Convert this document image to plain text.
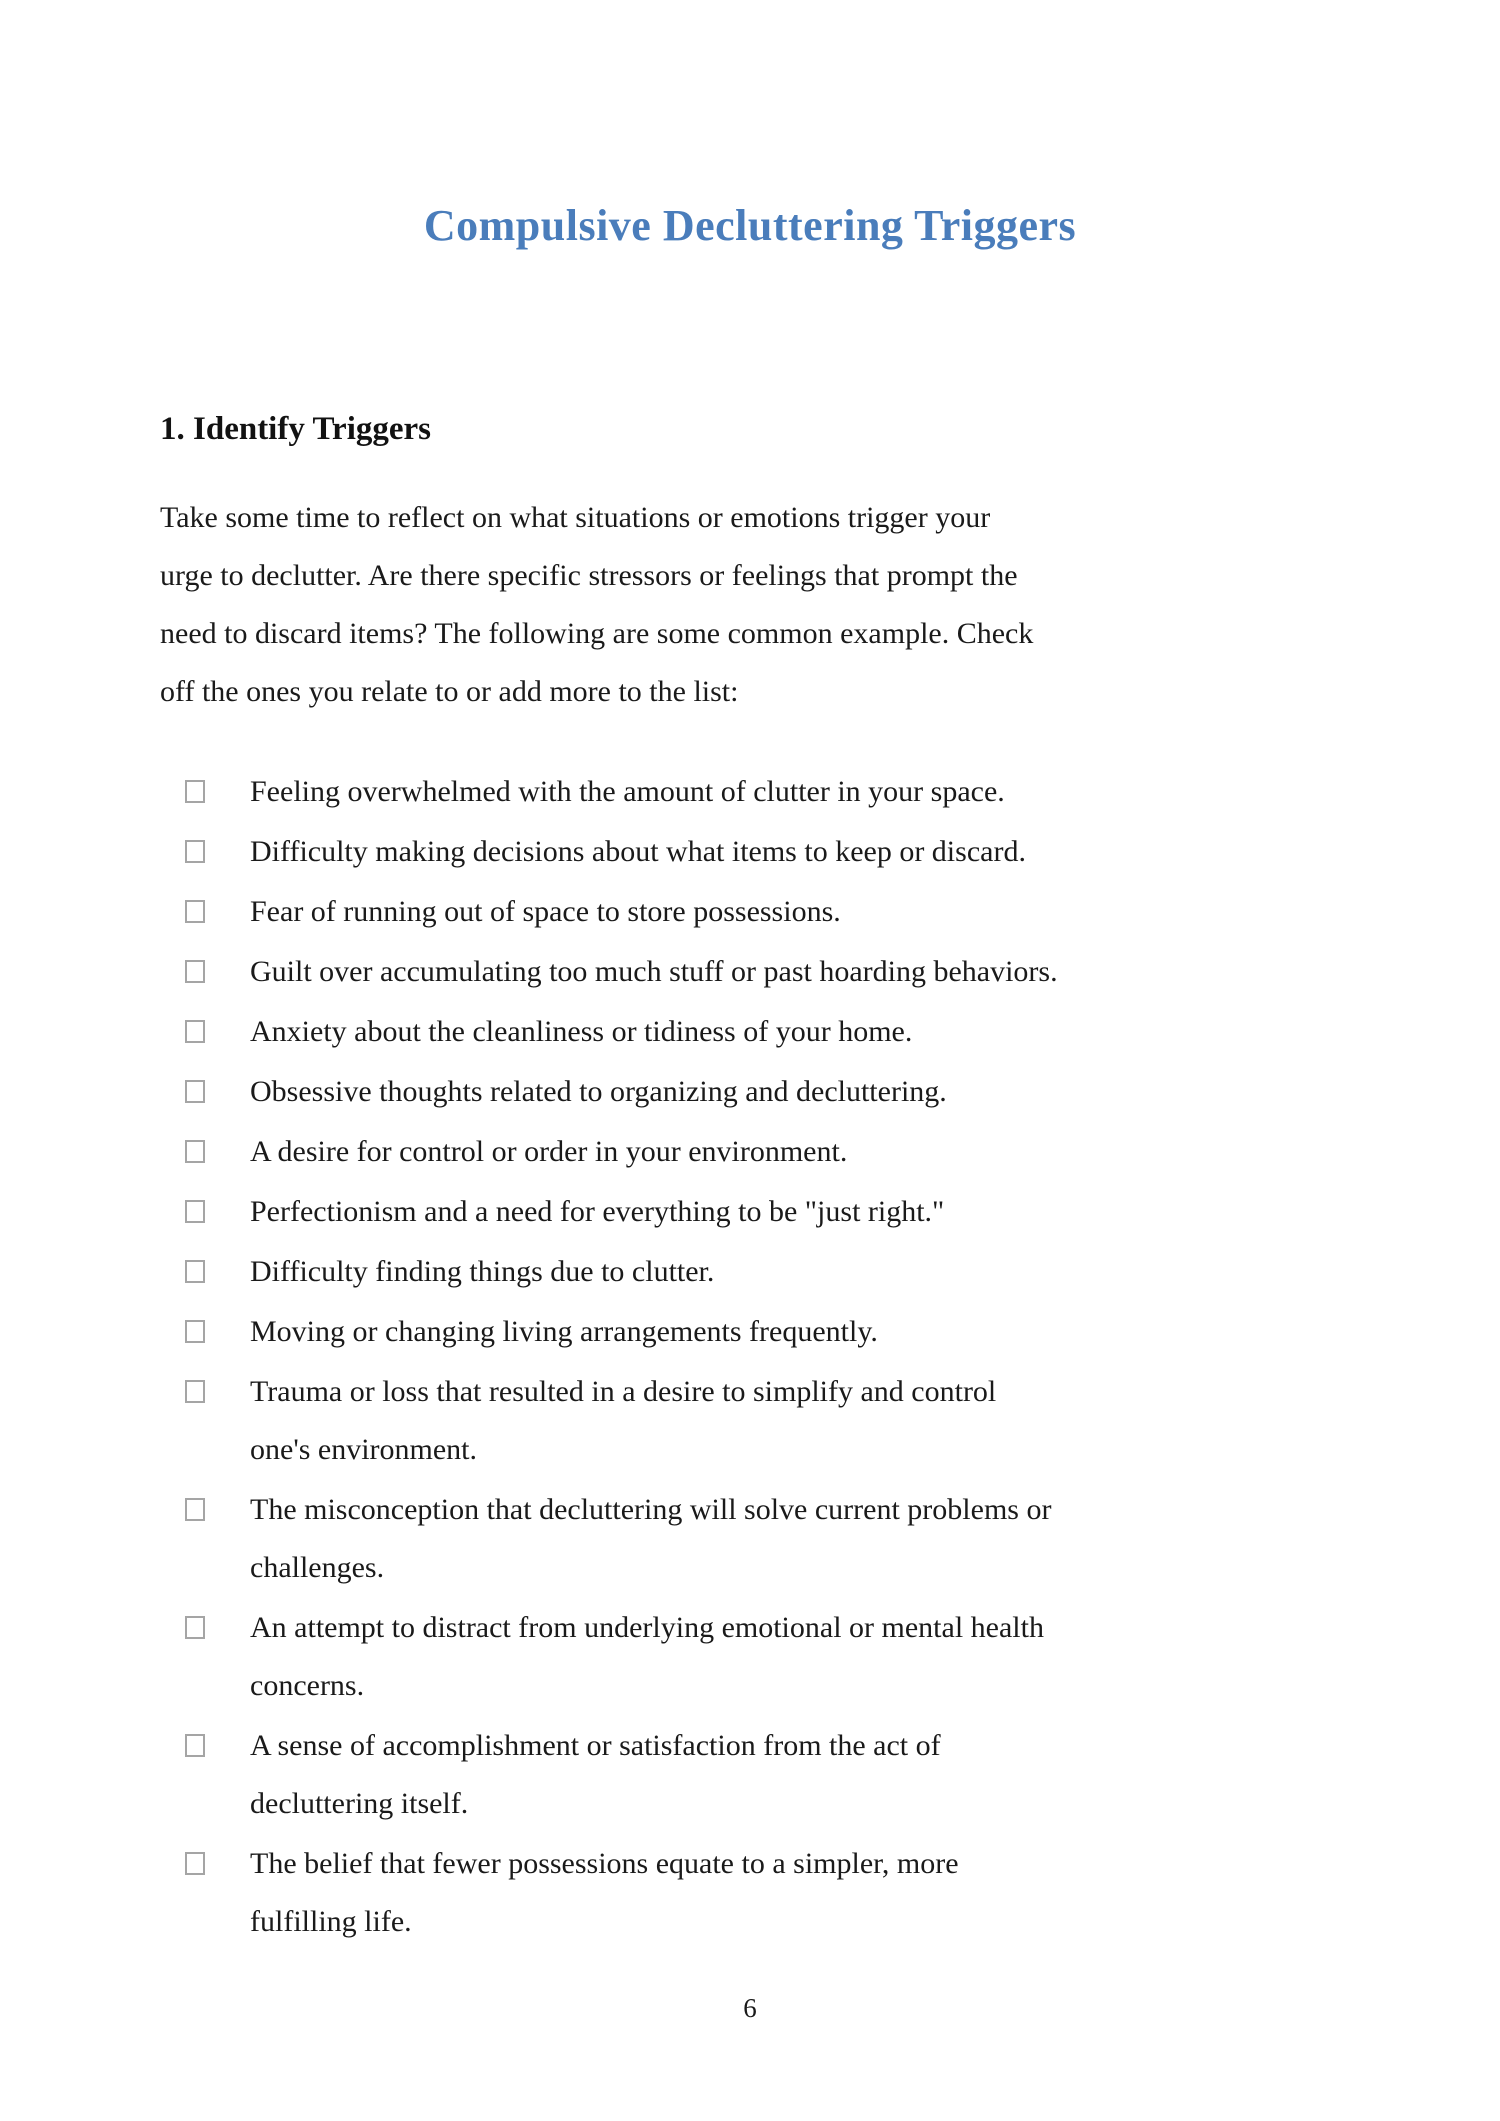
Compulsive Decluttering Triggers
1. Identify Triggers
Take some time to reflect on what situations or emotions trigger your
urge to declutter. Are there specific stressors or feelings that prompt the
need to discard items? The following are some common example. Check
off the ones you relate to or add more to the list:
Feeling overwhelmed with the amount of clutter in your space.
Difficulty making decisions about what items to keep or discard.
Fear of running out of space to store possessions.
Guilt over accumulating too much stuff or past hoarding behaviors.
Anxiety about the cleanliness or tidiness of your home.
Obsessive thoughts related to organizing and decluttering.
A desire for control or order in your environment.
Perfectionism and a need for everything to be "just right."
Difficulty finding things due to clutter.
Moving or changing living arrangements frequently.
Trauma or loss that resulted in a desire to simplify and control
one's environment.
The misconception that decluttering will solve current problems or
challenges.
An attempt to distract from underlying emotional or mental health
concerns.
A sense of accomplishment or satisfaction from the act of
decluttering itself.
The belief that fewer possessions equate to a simpler, more
fulfilling life.
6
